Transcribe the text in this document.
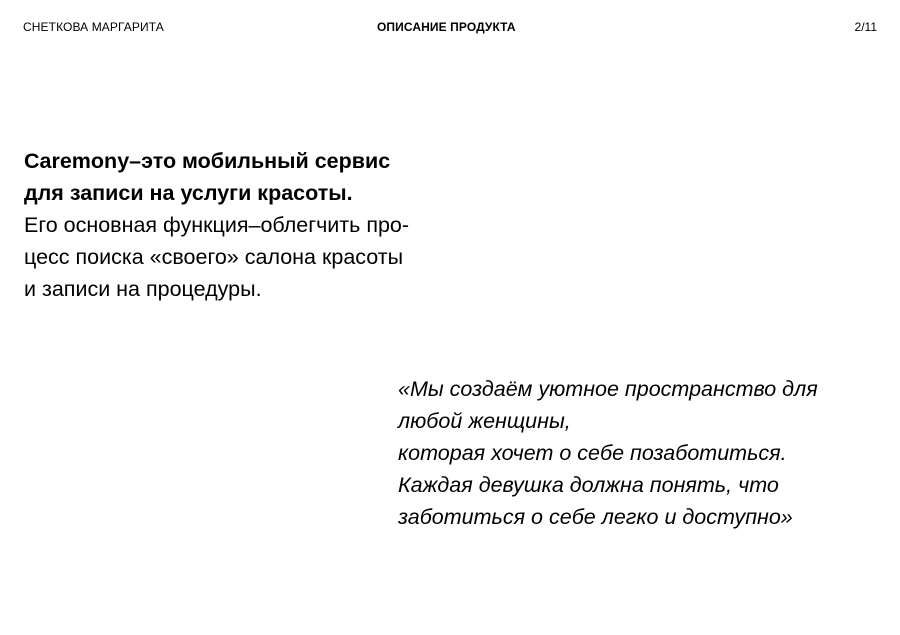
СНЕТКОВА МАРГАРИТА	ОПИСАНИЕ ПРОДУКТА	2/11
Caremony–это мобильный сервис
для записи на услуги красоты.
Его основная функция–облегчить про-
цесс поиска «своего» салона красоты
и записи на процедуры.
«Мы создаём уютное пространство для
любой женщины,
которая хочет о себе позаботиться.
Каждая девушка должна понять, что
заботиться о себе легко и доступно»
